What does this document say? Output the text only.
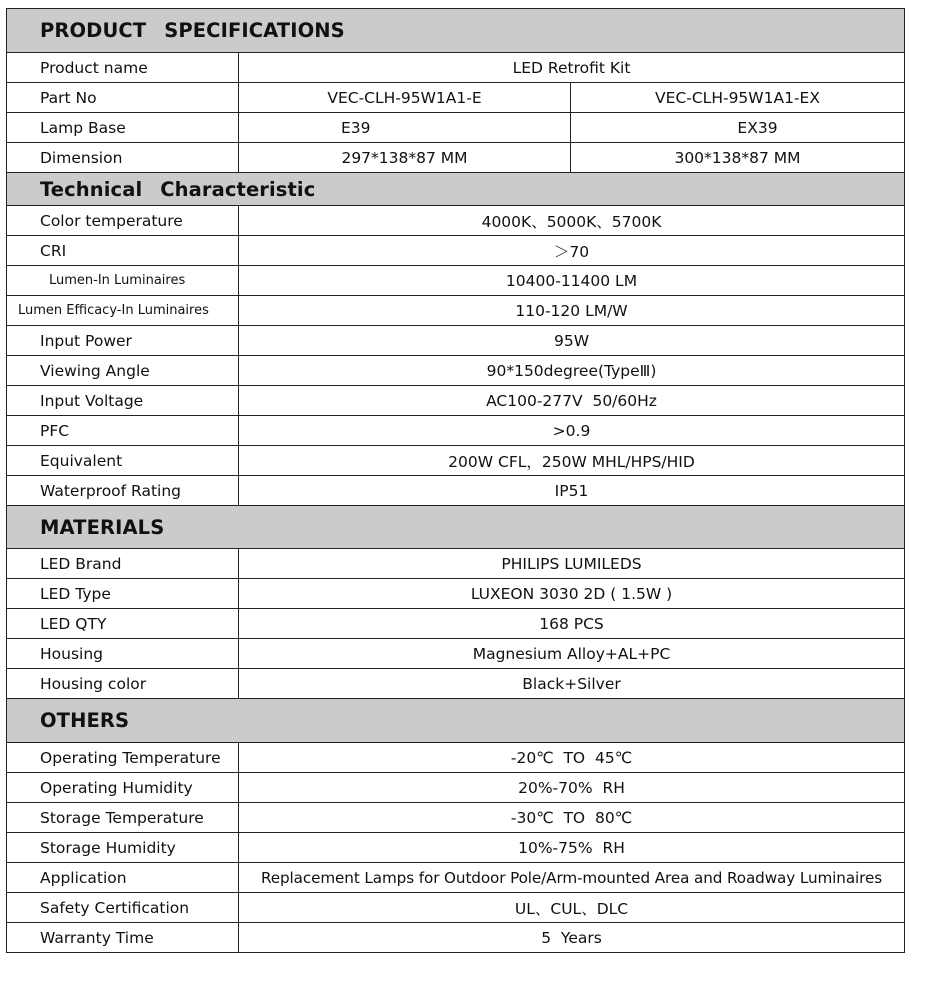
PRODUCT SPECIFICATIONS		
Product name	LED Retrofit Kit	
Part No	VEC-CLH-95W1A1-E	VEC-CLH-95W1A1-EX
Lamp Base	E39	EX39
Dimension	297*138*87 MM	300*138*87 MM
Technical Characteristic		
Color temperature	4000K、5000K、5700K	
CRI	＞70	
Lumen-In Luminaires	10400-11400 LM	
Lumen Efficacy-In Luminaires	110-120 LM/W	
Input Power	95W	
Viewing Angle	90*150degree(TypeⅢ)	
Input Voltage	AC100-277V  50/60Hz	
PFC	>0.9	
Equivalent	200W CFL，250W MHL/HPS/HID	
Waterproof Rating	IP51	
MATERIALS		
LED Brand	PHILIPS LUMILEDS	
LED Type	LUXEON 3030 2D ( 1.5W )	
LED QTY	168 PCS	
Housing	Magnesium Alloy+AL+PC	
Housing color	Black+Silver	
OTHERS		
Operating Temperature	-20℃  TO  45℃	
Operating Humidity	20%-70%  RH	
Storage Temperature	-30℃  TO  80℃	
Storage Humidity	10%-75%  RH	
Application	Replacement Lamps for Outdoor Pole/Arm-mounted Area and Roadway Luminaires	
Safety Certification	UL、CUL、DLC	
Warranty Time	5  Years	
